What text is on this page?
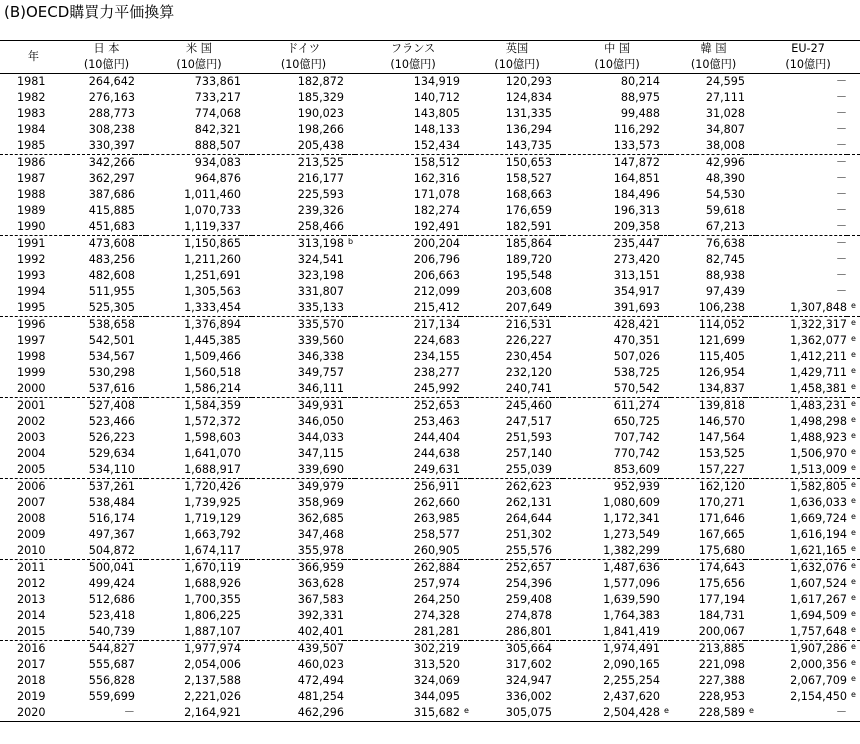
(B)OECD購買力平価換算
年	日 本		米 国		ドイツ		フランス		英国		中 国		韓 国		EU-27	
	(10億円)		(10億円)		(10億円)		(10億円)		(10億円)		(10億円)		(10億円)		(10億円)	
1981	264,642		733,861		182,872		134,919		120,293		80,214		24,595		－	
1982	276,163		733,217		185,329		140,712		124,834		88,975		27,111		－	
1983	288,773		774,068		190,023		143,805		131,335		99,488		31,028		－	
1984	308,238		842,321		198,266		148,133		136,294		116,292		34,807		－	
1985	330,397		888,507		205,438		152,434		143,735		133,573		38,008		－	
1986	342,266		934,083		213,525		158,512		150,653		147,872		42,996		－	
1987	362,297		964,876		216,177		162,316		158,527		164,851		48,390		－	
1988	387,686		1,011,460		225,593		171,078		168,663		184,496		54,530		－	
1989	415,885		1,070,733		239,326		182,274		176,659		196,313		59,618		－	
1990	451,683		1,119,337		258,466		192,491		182,591		209,358		67,213		－	
1991	473,608		1,150,865		313,198	b	200,204		185,864		235,447		76,638		－	
1992	483,256		1,211,260		324,541		206,796		189,720		273,420		82,745		－	
1993	482,608		1,251,691		323,198		206,663		195,548		313,151		88,938		－	
1994	511,955		1,305,563		331,807		212,099		203,608		354,917		97,439		－	
1995	525,305		1,333,454		335,133		215,412		207,649		391,693		106,238		1,307,848	e
1996	538,658		1,376,894		335,570		217,134		216,531		428,421		114,052		1,322,317	e
1997	542,501		1,445,385		339,560		224,683		226,227		470,351		121,699		1,362,077	e
1998	534,567		1,509,466		346,338		234,155		230,454		507,026		115,405		1,412,211	e
1999	530,298		1,560,518		349,757		238,277		232,120		538,725		126,954		1,429,711	e
2000	537,616		1,586,214		346,111		245,992		240,741		570,542		134,837		1,458,381	e
2001	527,408		1,584,359		349,931		252,653		245,460		611,274		139,818		1,483,231	e
2002	523,466		1,572,372		346,050		253,463		247,517		650,725		146,570		1,498,298	e
2003	526,223		1,598,603		344,033		244,404		251,593		707,742		147,564		1,488,923	e
2004	529,634		1,641,070		347,115		244,638		257,140		770,742		153,525		1,506,970	e
2005	534,110		1,688,917		339,690		249,631		255,039		853,609		157,227		1,513,009	e
2006	537,261		1,720,426		349,979		256,911		262,623		952,939		162,120		1,582,805	e
2007	538,484		1,739,925		358,969		262,660		262,131		1,080,609		170,271		1,636,033	e
2008	516,174		1,719,129		362,685		263,985		264,644		1,172,341		171,646		1,669,724	e
2009	497,367		1,663,792		347,468		258,577		251,302		1,273,549		167,665		1,616,194	e
2010	504,872		1,674,117		355,978		260,905		255,576		1,382,299		175,680		1,621,165	e
2011	500,041		1,670,119		366,959		262,884		252,657		1,487,636		174,643		1,632,076	e
2012	499,424		1,688,926		363,628		257,974		254,396		1,577,096		175,656		1,607,524	e
2013	512,686		1,700,355		367,583		264,250		259,408		1,639,590		177,194		1,617,267	e
2014	523,418		1,806,225		392,331		274,328		274,878		1,764,383		184,731		1,694,509	e
2015	540,739		1,887,107		402,401		281,281		286,801		1,841,419		200,067		1,757,648	e
2016	544,827		1,977,974		439,507		302,219		305,664		1,974,491		213,885		1,907,286	e
2017	555,687		2,054,006		460,023		313,520		317,602		2,090,165		221,098		2,000,356	e
2018	556,828		2,137,588		472,494		324,069		324,947		2,255,254		227,388		2,067,709	e
2019	559,699		2,221,026		481,254		344,095		336,002		2,437,620		228,953		2,154,450	e
2020	－		2,164,921		462,296		315,682	e	305,075		2,504,428	e	228,589	e	－	
